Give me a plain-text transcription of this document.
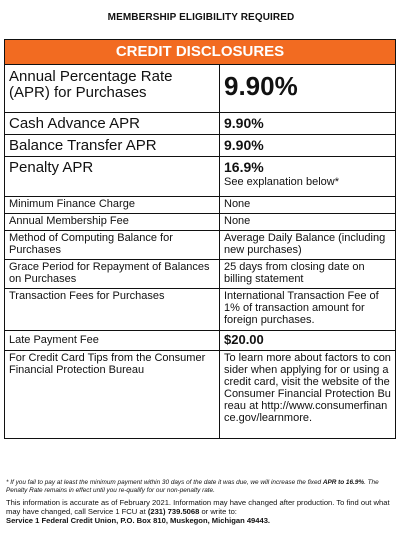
MEMBERSHIP ELIGIBILITY REQUIRED
CREDIT DISCLOSURES
Annual Percentage Rate (APR) for Purchases	9.90%
Cash Advance APR	9.90%
Balance Transfer APR	9.90%
Penalty APR	16.9%
See explanation below*

Minimum Finance Charge	None
Annual Membership Fee	None
Method of Computing Balance for Purchases	Average Daily Balance (including new purchases)
Grace Period for Repayment of Balances on Purchases	25 days from closing date on billing statement
Transaction Fees for Purchases	International Transaction Fee of 1% of transaction amount for foreign purchases.
Late Payment Fee	$20.00
For Credit Card Tips from the Consumer Financial Protection Bureau	To learn more about factors to consider when applying for or using a credit card, visit the website of the Consumer Financial Protection Bureau at http://www.consumerfinance.gov/learnmore.
* If you fail to pay at least the minimum payment within 30 days of the date it was due, we will increase the fixed APR to 16.9%. The Penalty Rate remains in effect until you re-qualify for our non-penalty rate.
This information is accurate as of February 2021. Information may have changed after production. To find out what may have changed, call Service 1 FCU at (231) 739.5068 or write to:
Service 1 Federal Credit Union, P.O. Box 810, Muskegon, Michigan 49443.
